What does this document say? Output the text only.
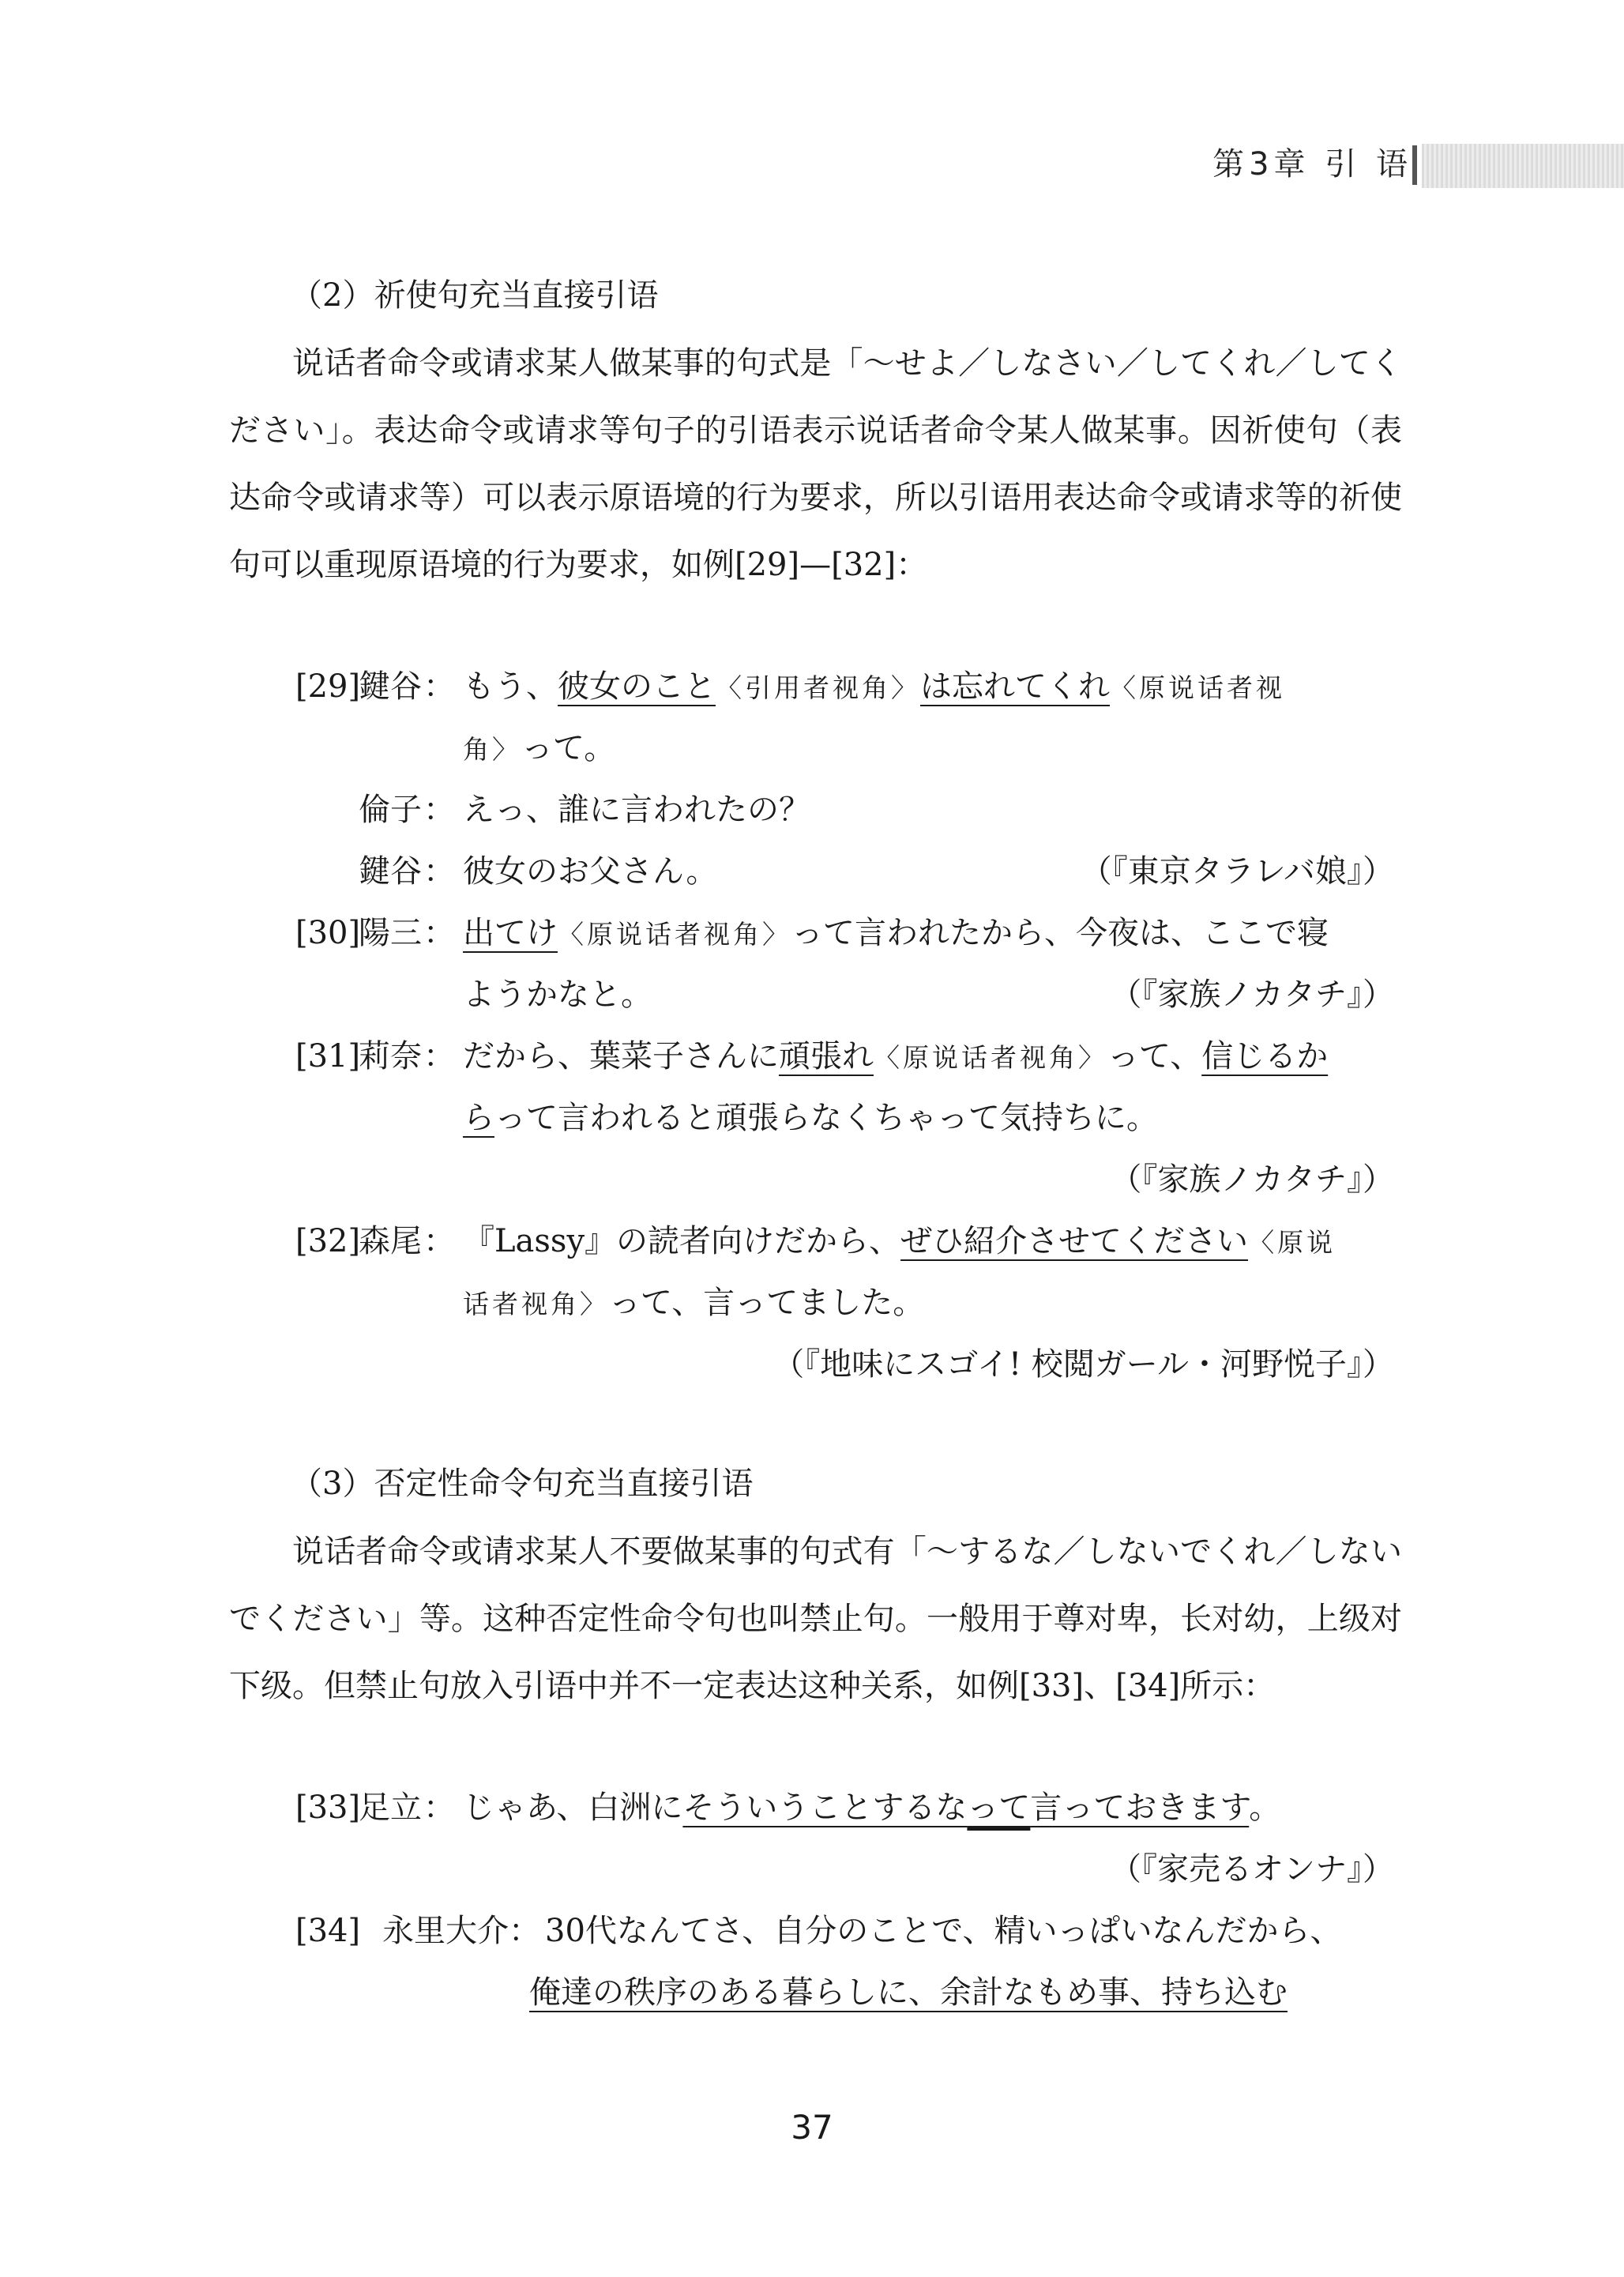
第3章 引 语

（2）祈使句充当直接引语

说话者命令或请求某人做某事的句式是「〜せよ／しなさい／してくれ／してください」。表达命令或请求等句子的引语表示说话者命令某人做某事。因祈使句（表达命令或请求等）可以表示原语境的行为要求，所以引语用表达命令或请求等的祈使句可以重现原语境的行为要求，如例[29]—[32]：

[29]
鍵谷 ： もう、彼女のこと〈引用者视角〉は忘れてくれ〈原说话者视
角〉って。
倫子 ： えっ、誰に言われたの？
鍵谷 ： 彼女のお父さん。	（『東京タラレバ娘』）
[30]
陽三 ： 出てけ〈原说话者视角〉って言われたから、今夜は、ここで寝
ようかなと。	（『家族ノカタチ』）
[31]
莉奈 ： だから、葉菜子さんに頑張れ〈原说话者视角〉って、信じるか
らって言われると頑張らなくちゃって気持ちに。
（『家族ノカタチ』）
[32]
森尾 ： 『Lassy』の読者向けだから、ぜひ紹介させてください〈原说
话者视角〉って、言ってました。
（『地味にスゴイ! 校閲ガール・河野悦子』）

（3）否定性命令句充当直接引语

说话者命令或请求某人不要做某事的句式有「〜するな／しないでくれ／しないでください」等。这种否定性命令句也叫禁止句。一般用于尊对卑，长对幼，上级对下级。但禁止句放入引语中并不一定表达这种关系，如例[33]、[34]所示：

[33]
足立 ： じゃあ、白洲にそういうことするなって言っておきます。
（『家売るオンナ』）
[34] 永里大介 ： 30代なんてさ、自分のことで、精いっぱいなんだから、
俺達の秩序のある暮らしに、余計なもめ事、持ち込む
37
